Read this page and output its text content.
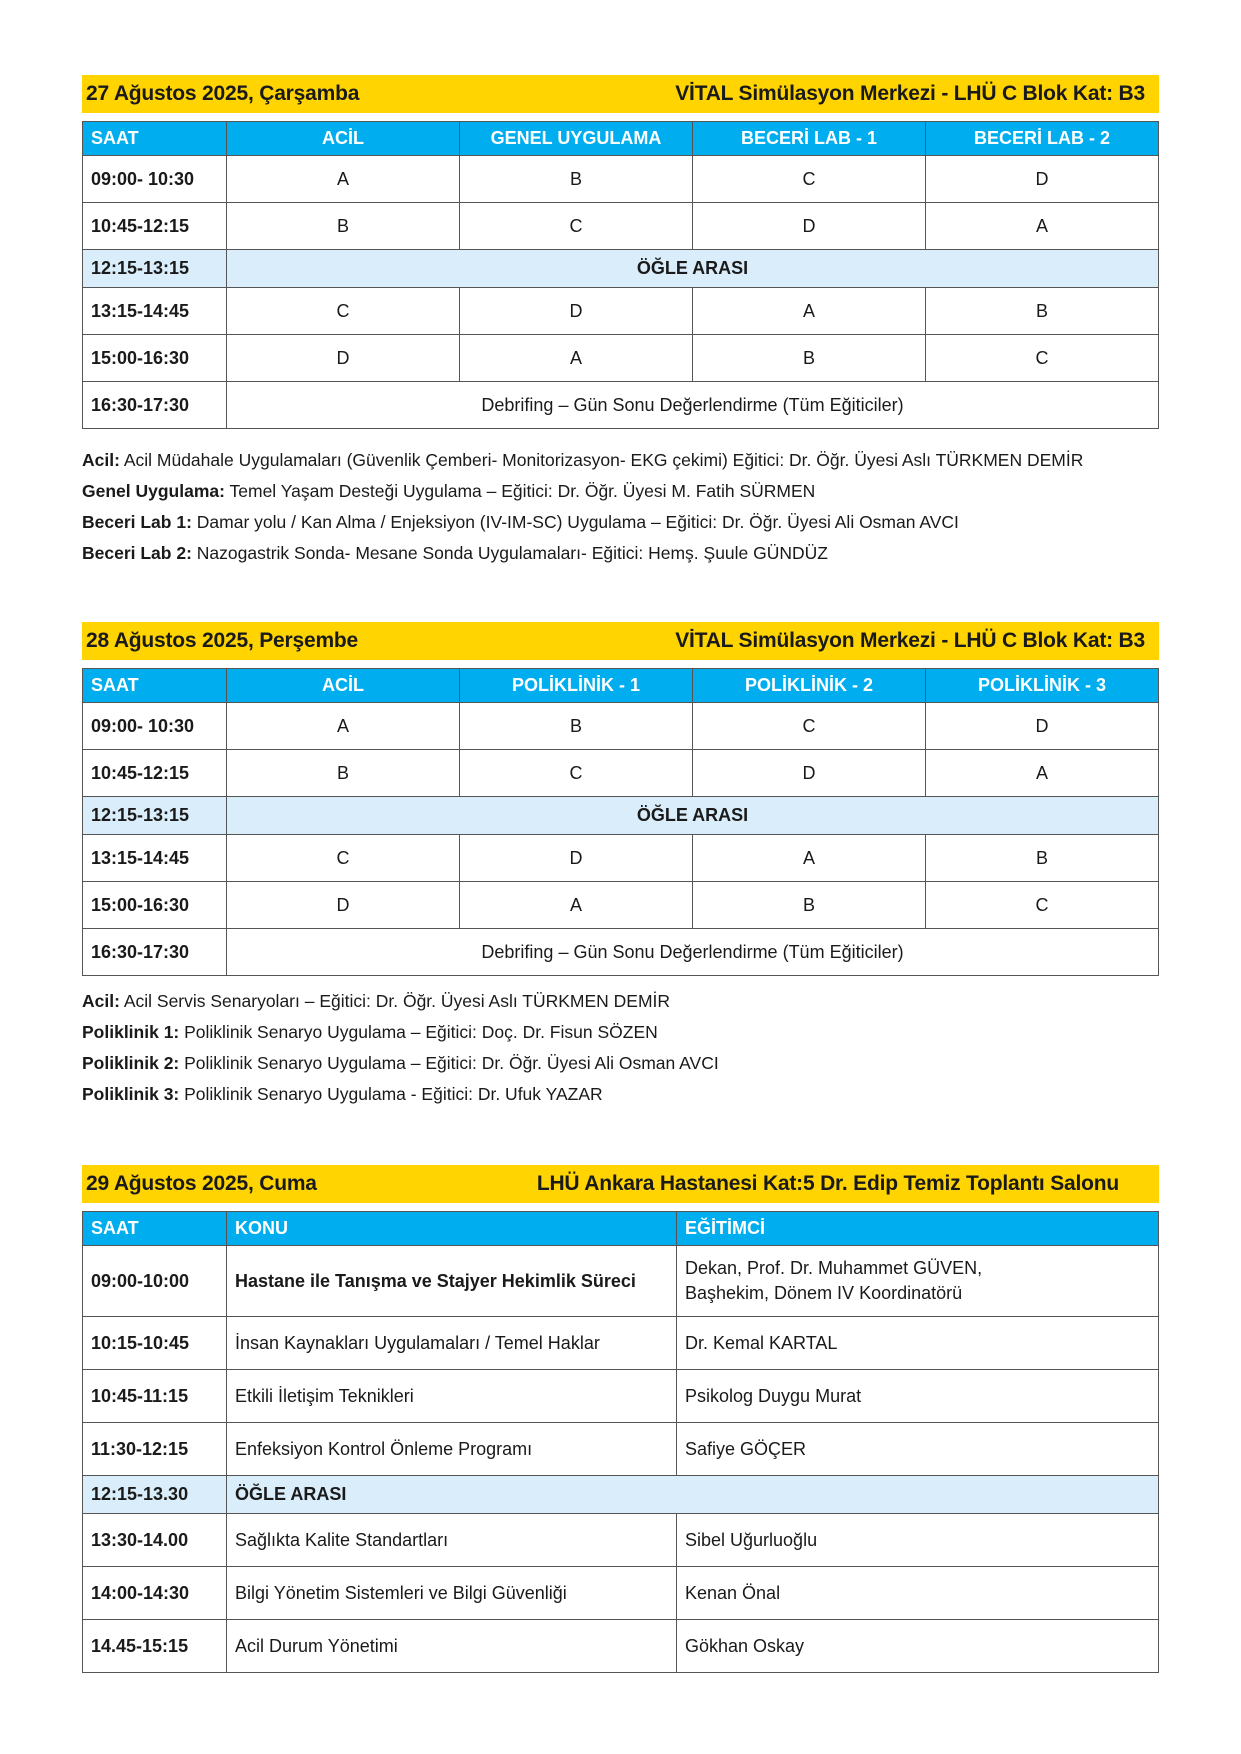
27 Ağustos 2025, Çarşamba	VİTAL Simülasyon Merkezi - LHÜ C Blok Kat: B3
SAAT	ACİL	GENEL UYGULAMA	BECERİ LAB - 1	BECERİ LAB - 2
09:00- 10:30	A	B	C	D
10:45-12:15	B	C	D	A
12:15-13:15	ÖĞLE ARASI			
13:15-14:45	C	D	A	B
15:00-16:30	D	A	B	C
16:30-17:30	Debrifing – Gün Sonu Değerlendirme (Tüm Eğiticiler)			
Acil: Acil Müdahale Uygulamaları (Güvenlik Çemberi- Monitorizasyon- EKG çekimi) Eğitici: Dr. Öğr. Üyesi Aslı TÜRKMEN DEMİR
Genel Uygulama: Temel Yaşam Desteği Uygulama – Eğitici: Dr. Öğr. Üyesi M. Fatih SÜRMEN
Beceri Lab 1: Damar yolu / Kan Alma / Enjeksiyon (IV-IM-SC) Uygulama – Eğitici: Dr. Öğr. Üyesi Ali Osman AVCI
Beceri Lab 2: Nazogastrik Sonda- Mesane Sonda Uygulamaları- Eğitici: Hemş. Şuule GÜNDÜZ
28 Ağustos 2025, Perşembe	VİTAL Simülasyon Merkezi - LHÜ C Blok Kat: B3
SAAT	ACİL	POLİKLİNİK - 1	POLİKLİNİK - 2	POLİKLİNİK - 3
09:00- 10:30	A	B	C	D
10:45-12:15	B	C	D	A
12:15-13:15	ÖĞLE ARASI			
13:15-14:45	C	D	A	B
15:00-16:30	D	A	B	C
16:30-17:30	Debrifing – Gün Sonu Değerlendirme (Tüm Eğiticiler)			
Acil: Acil Servis Senaryoları – Eğitici: Dr. Öğr. Üyesi Aslı TÜRKMEN DEMİR
Poliklinik 1: Poliklinik Senaryo Uygulama – Eğitici: Doç. Dr. Fisun SÖZEN
Poliklinik 2: Poliklinik Senaryo Uygulama – Eğitici: Dr. Öğr. Üyesi Ali Osman AVCI
Poliklinik 3: Poliklinik Senaryo Uygulama - Eğitici: Dr. Ufuk YAZAR
29 Ağustos 2025, Cuma	LHÜ Ankara Hastanesi Kat:5 Dr. Edip Temiz Toplantı Salonu
SAAT	KONU	EĞİTİMCİ
09:00-10:00	Hastane ile Tanışma ve Stajyer Hekimlik Süreci	Dekan, Prof. Dr. Muhammet GÜVEN,
Başhekim, Dönem IV Koordinatörü

10:15-10:45	İnsan Kaynakları Uygulamaları / Temel Haklar	Dr. Kemal KARTAL
10:45-11:15	Etkili İletişim Teknikleri	Psikolog Duygu Murat
11:30-12:15	Enfeksiyon Kontrol Önleme Programı	Safiye GÖÇER
12:15-13.30	ÖĞLE ARASI	
13:30-14.00	Sağlıkta Kalite Standartları	Sibel Uğurluoğlu
14:00-14:30	Bilgi Yönetim Sistemleri ve Bilgi Güvenliği	Kenan Önal
14.45-15:15	Acil Durum Yönetimi	Gökhan Oskay
